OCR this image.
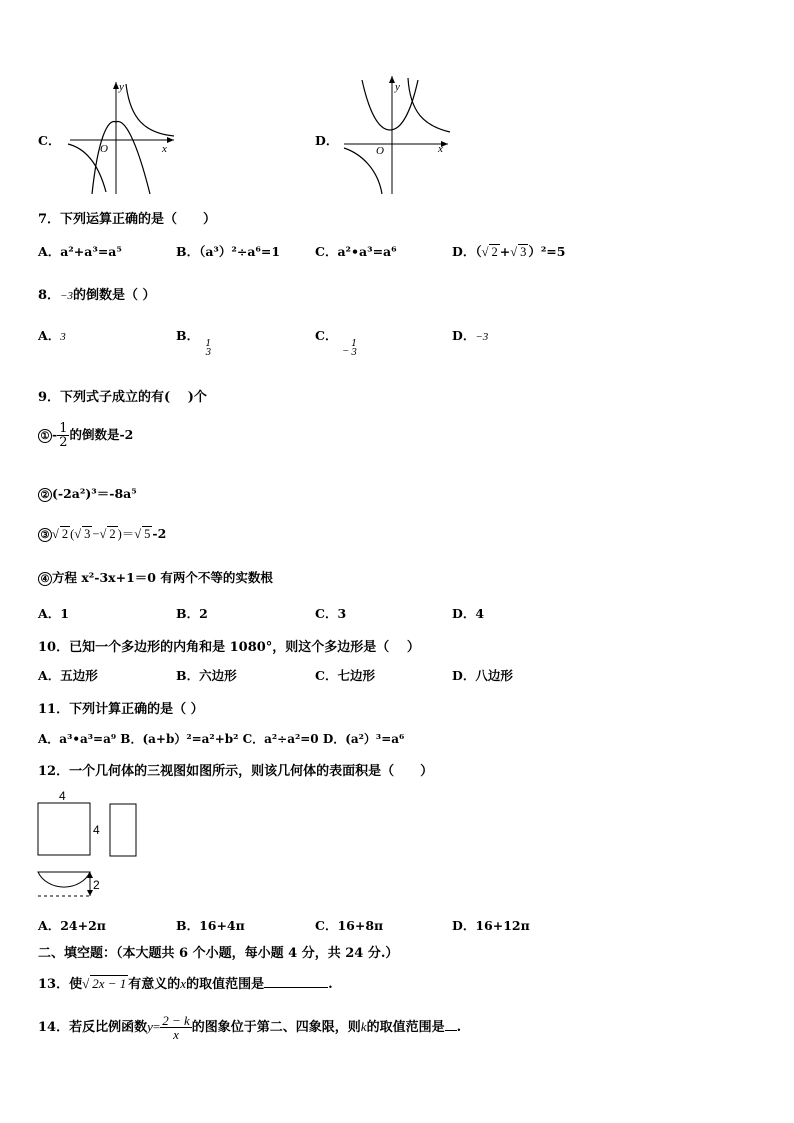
C．
y
x
O
D．
y
x
O
7．下列运算正确的是（　　）
A．a²+a³=a⁵	B．（a³）²÷a⁶=1	C．a²•a³=a⁶	D．（√ 2 +√ 3 ）²=5
8．−3的倒数是（ ）
A．3	B．
1
3
C． −
1
3
D．−3
9．下列式子成立的有(　 )个
① - $\frac{1}{2}$ 的倒数是-2
② (-2a²)³＝-8a⁵
③ √ 2 (√ 3 −√ 2 )＝√ 5 -2
④ 方程 x²-3x+1＝0 有两个不等的实数根
A．1	B．2	C．3	D．4
10．已知一个多边形的内角和是 1080°，则这个多边形是（　 ）
A．五边形	B．六边形	C．七边形	D．八边形
11．下列计算正确的是（ ）
A．a³•a³=a⁹ B．(a+b）²=a²+b² C．a²÷a²=0 D．(a²）³=a⁶
12．一个几何体的三视图如图所示，则该几何体的表面积是（　　）
4
4
2
A．24+2π	B．16+4π	C．16+8π	D．16+12π
二、填空题：（本大题共 6 个小题，每小题 4 分，共 24 分.）
13．使√ 2x − 1 有意义的x的取值范围是	.
14．若反比例函数$y= \frac{2 - k}{x}$ 的图象位于第二、四象限，则k的取值范围是 .
